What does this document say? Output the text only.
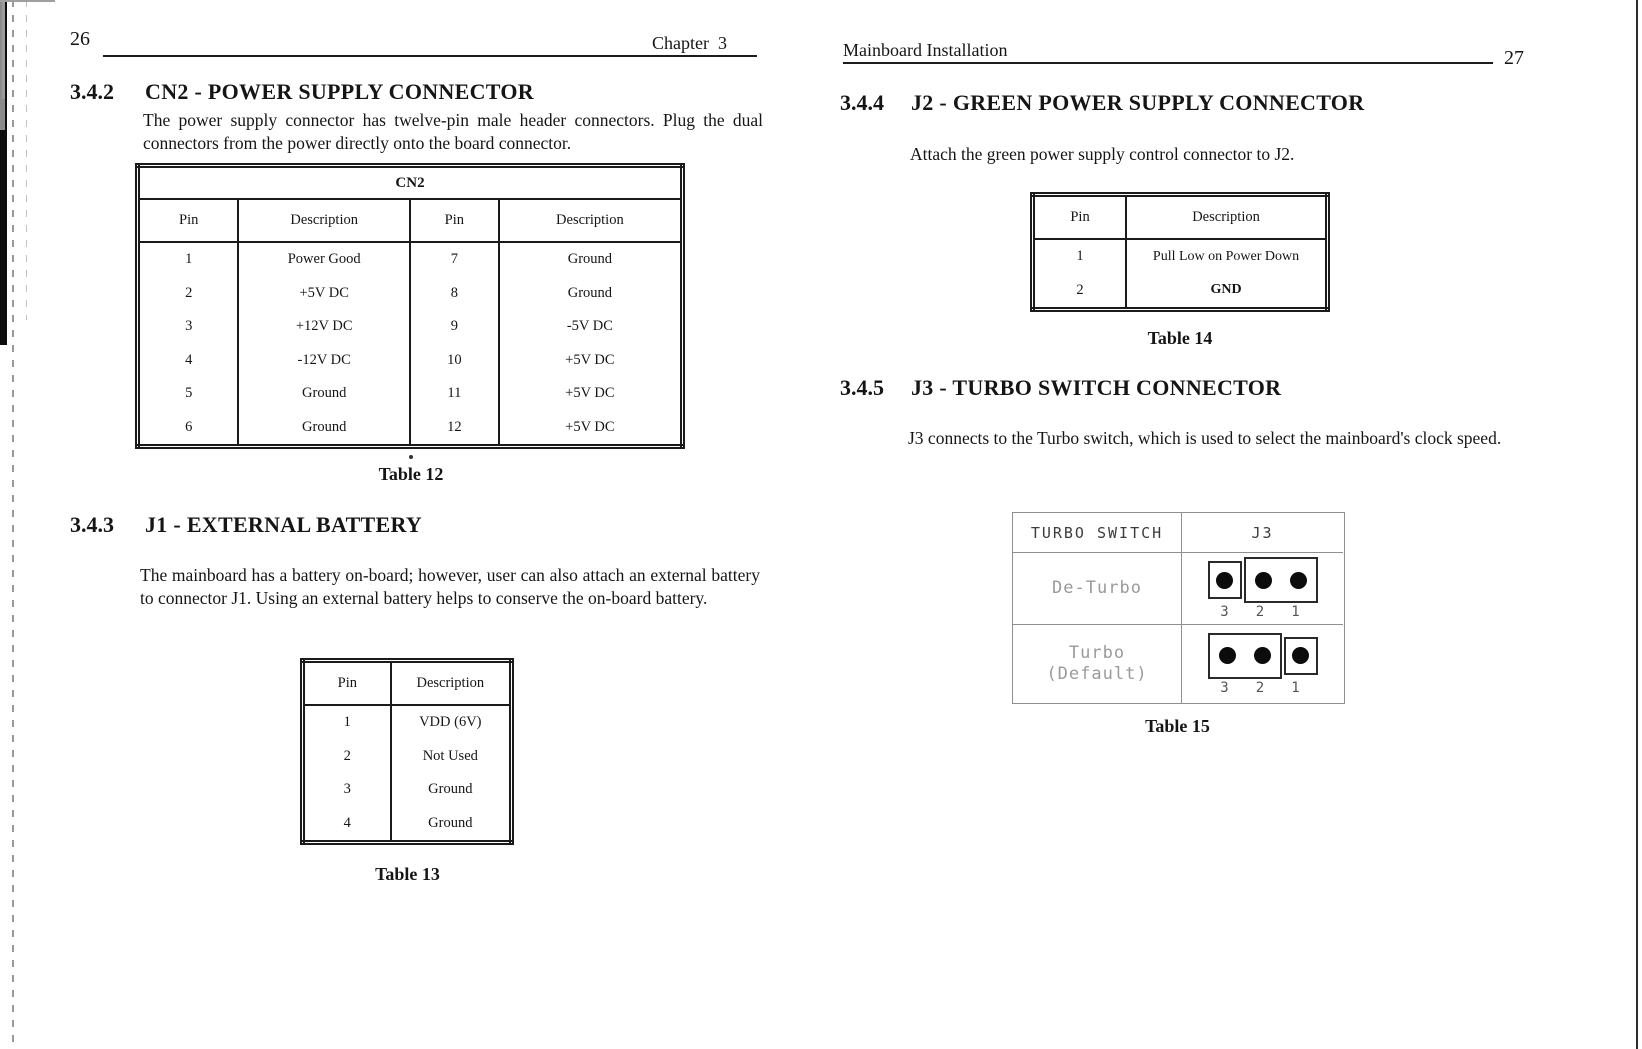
26	Chapter  3
3.4.2 CN2 - POWER SUPPLY CONNECTOR
The power supply connector has twelve-pin male header connectors. Plug the dual connectors from the power directly onto the board connector.
CN2			
Pin	Description	Pin	Description
1	Power Good	7	Ground
2	+5V DC	8	Ground
3	+12V DC	9	-5V DC
4	-12V DC	10	+5V DC
5	Ground	11	+5V DC
6	Ground	12	+5V DC
Table 12
3.4.3 J1 - EXTERNAL BATTERY
The mainboard has a battery on-board; however, user can also attach an external battery to connector J1. Using an external battery helps to conserve the on-board battery.
Pin	Description
1	VDD (6V)
2	Not Used
3	Ground
4	Ground
Table 13
Mainboard Installation	27
3.4.4 J2 - GREEN POWER SUPPLY CONNECTOR
Attach the green power supply control connector to J2.
Pin	Description
1	Pull Low on Power Down
2	GND
Table 14
3.4.5 J3 - TURBO SWITCH CONNECTOR
J3 connects to the Turbo switch, which is used to select the mainboard's clock speed.
TURBO SWITCH	J3
De-Turbo
3	2	1
Turbo
(Default)
3	2	1
Table 15
